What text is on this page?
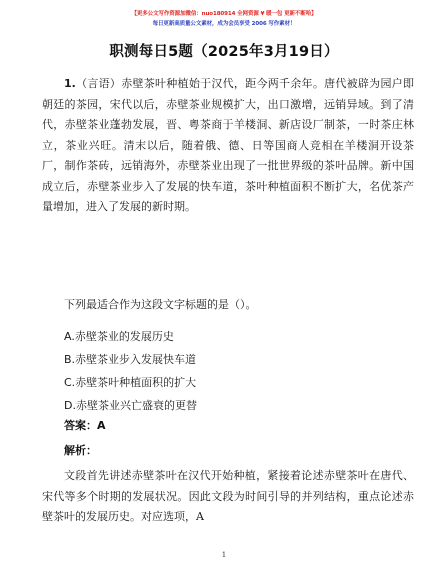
【更多公文写作资源加微信：nuo180914 全网资源 ¥ 暖一包 更新不断哈】
每日更新高质量公文素材，成为会员享受 2006 写作素材！
职测每日5题（2025年3月19日）
1.（言语）赤壁茶叶种植始于汉代，距今两千余年。唐代被辟为园户即朝廷的茶园，宋代以后，赤壁茶业规模扩大，出口激增，远销异域。到了清代，赤壁茶业蓬勃发展，晋、粤茶商于羊楼洞、新店设厂制茶，一时茶庄林立，茶业兴旺。清末以后，随着俄、德、日等国商人竞相在羊楼洞开设茶厂，制作茶砖，远销海外，赤壁茶业出现了一批世界级的茶叶品牌。新中国成立后，赤壁茶业步入了发展的快车道，茶叶种植面积不断扩大，名优茶产量增加，进入了发展的新时期。
下列最适合作为这段文字标题的是（）。
A.赤壁茶业的发展历史
B.赤壁茶业步入发展快车道
C.赤壁茶叶种植面积的扩大
D.赤壁茶业兴亡盛衰的更替
答案：A
解析：
文段首先讲述赤壁茶叶在汉代开始种植，紧接着论述赤壁茶叶在唐代、宋代等多个时期的发展状况。因此文段为时间引导的并列结构，重点论述赤壁茶叶的发展历史。对应选项，A
1
